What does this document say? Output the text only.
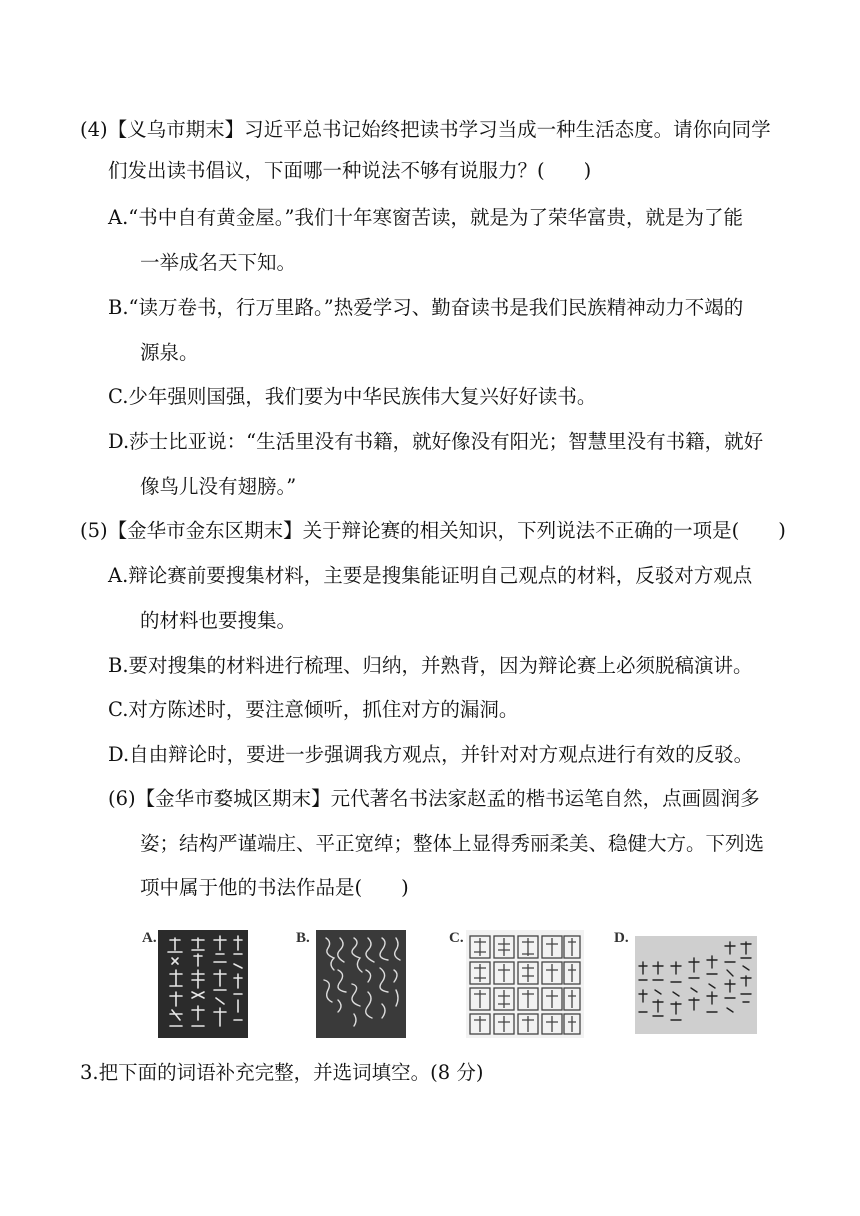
(4)【义乌市期末】习近平总书记始终把读书学习当成一种生活态度。请你向同学
们发出读书倡议，下面哪一种说法不够有说服力？(　　)
A.“书中自有黄金屋。”我们十年寒窗苦读，就是为了荣华富贵，就是为了能
一举成名天下知。
B.“读万卷书，行万里路。”热爱学习、勤奋读书是我们民族精神动力不竭的
源泉。
C.少年强则国强，我们要为中华民族伟大复兴好好读书。
D.莎士比亚说：“生活里没有书籍，就好像没有阳光；智慧里没有书籍，就好
像鸟儿没有翅膀。”
(5)【金华市金东区期末】关于辩论赛的相关知识，下列说法不正确的一项是(　　)
A.辩论赛前要搜集材料，主要是搜集能证明自己观点的材料，反驳对方观点
的材料也要搜集。
B.要对搜集的材料进行梳理、归纳，并熟背，因为辩论赛上必须脱稿演讲。
C.对方陈述时，要注意倾听，抓住对方的漏洞。
D.自由辩论时，要进一步强调我方观点，并针对对方观点进行有效的反驳。
(6)【金华市婺城区期末】元代著名书法家赵孟的楷书运笔自然，点画圆润多
姿；结构严谨端庄、平正宽绰；整体上显得秀丽柔美、稳健大方。下列选
项中属于他的书法作品是(　　)
A.	B.	C.	D.
3.把下面的词语补充完整，并选词填空。(8 分)
